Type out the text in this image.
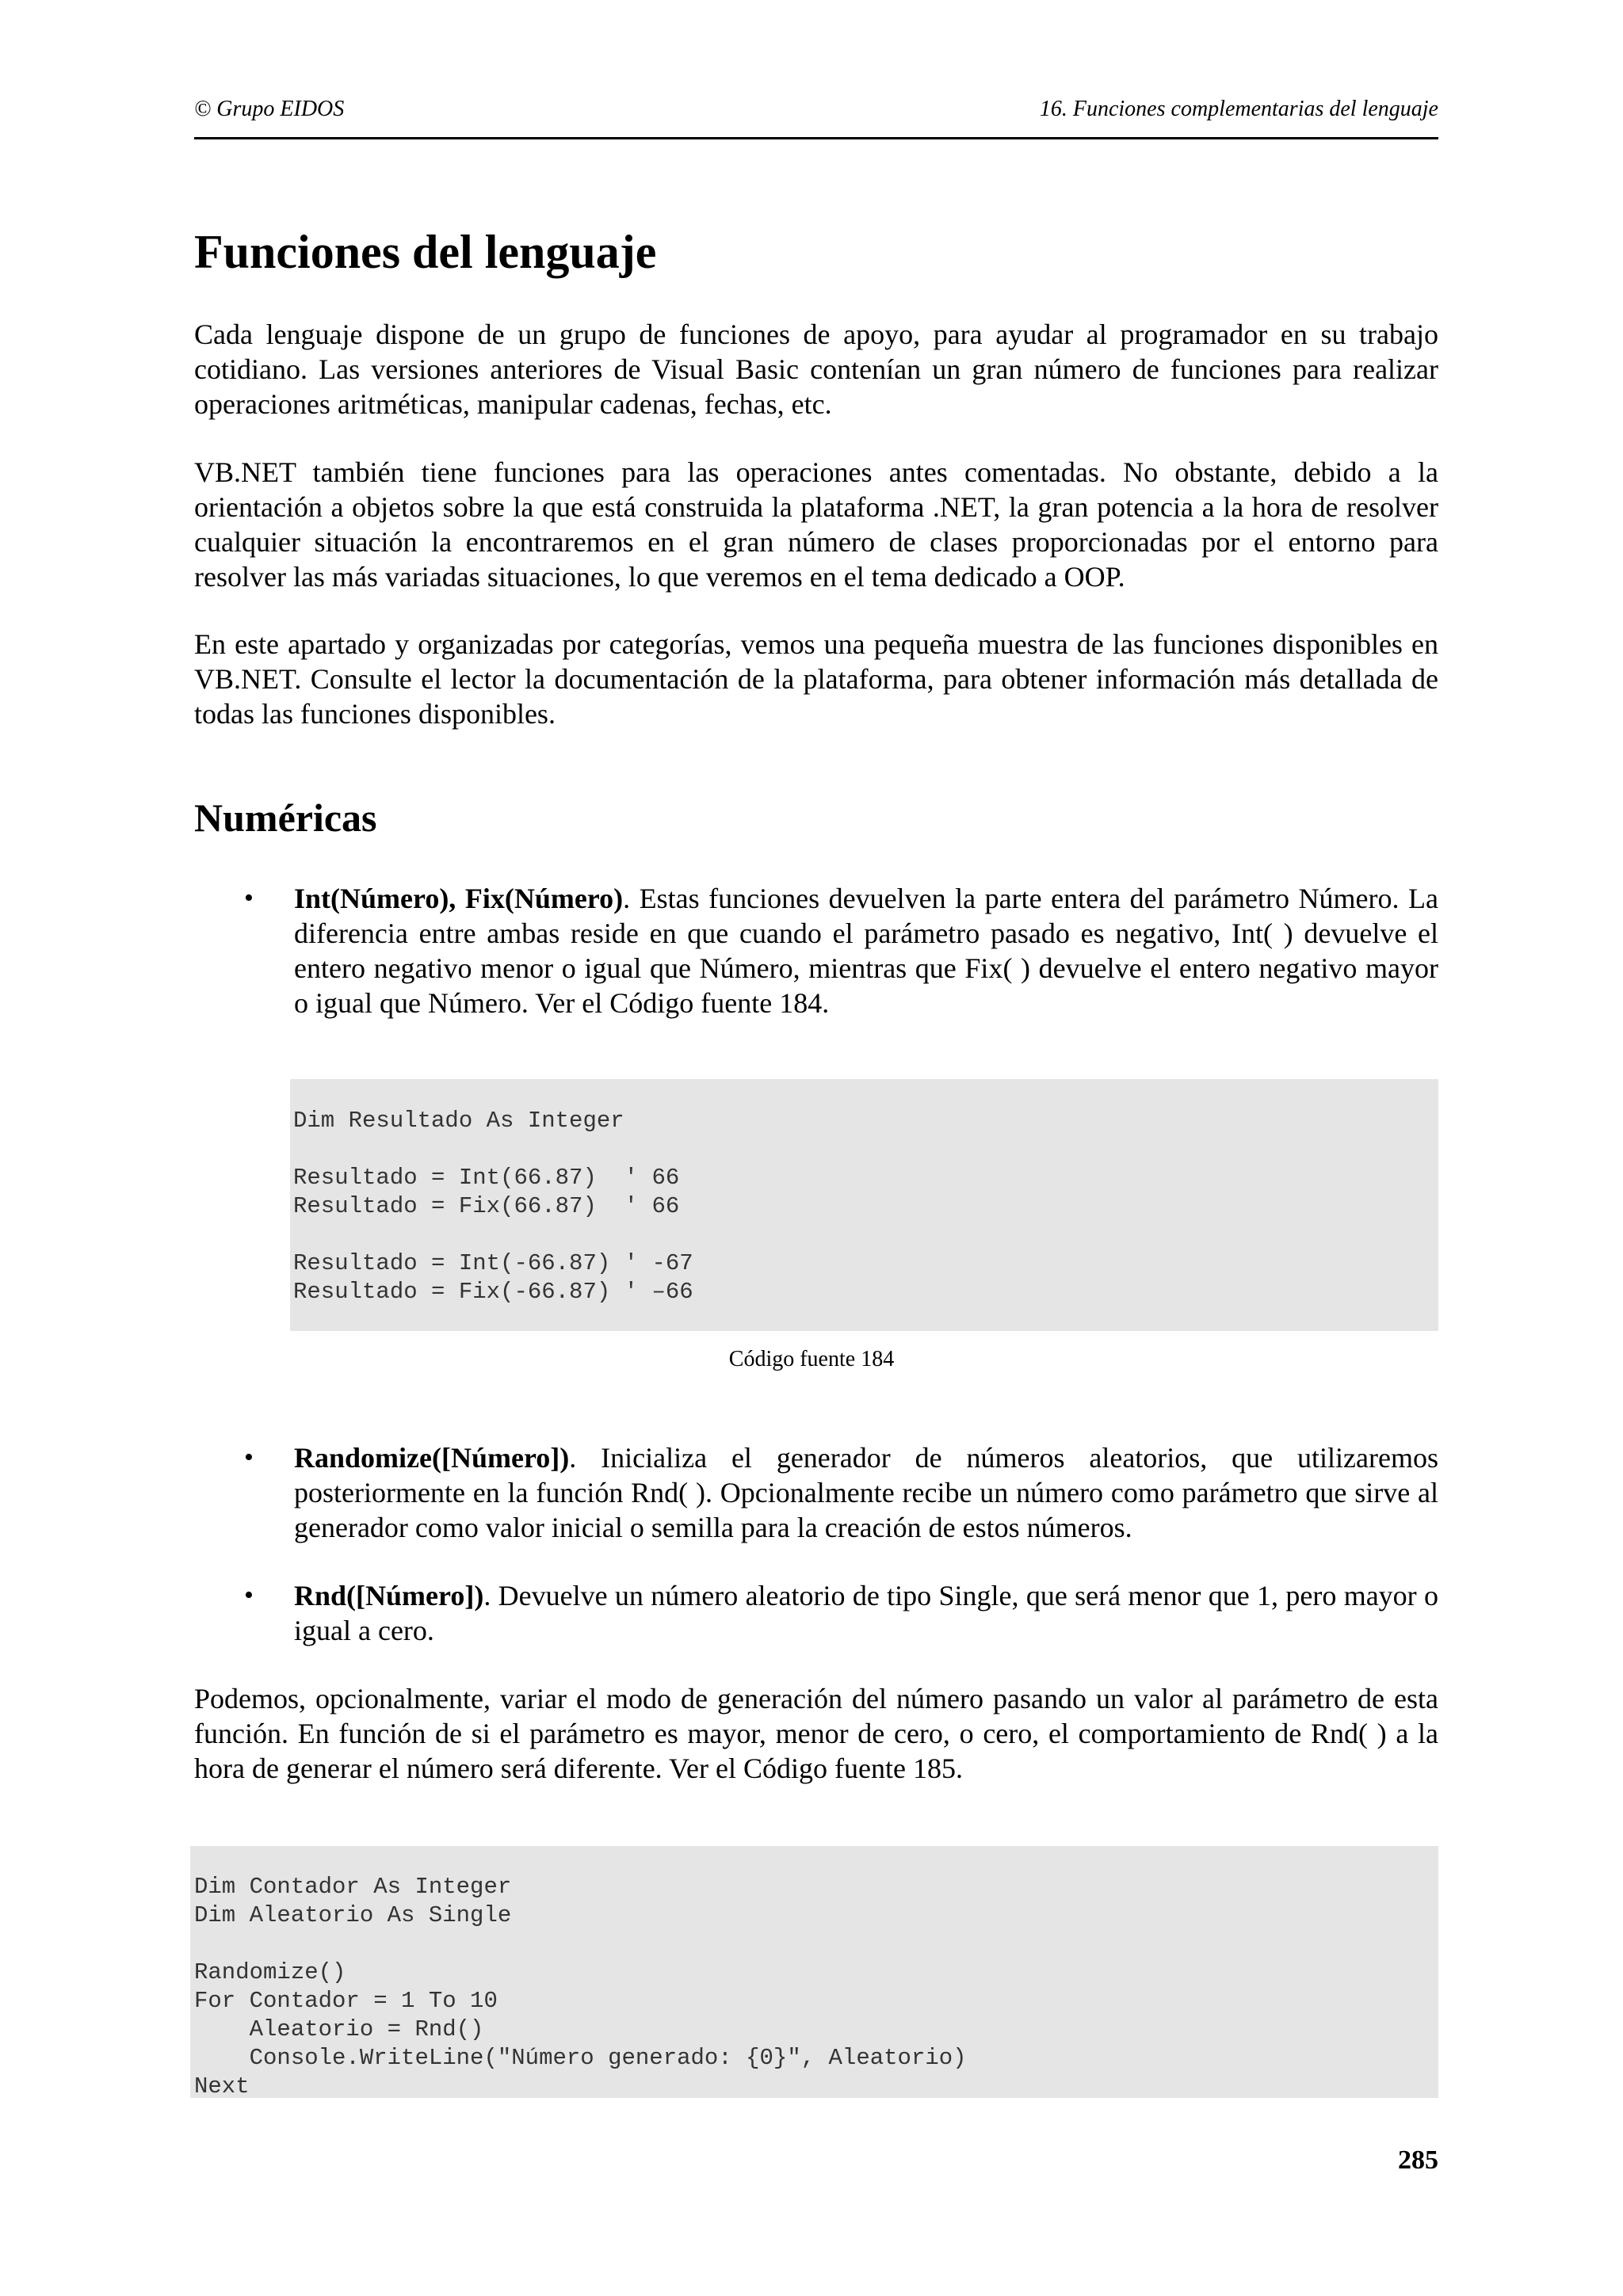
© Grupo EIDOS	16. Funciones complementarias del lenguaje
Funciones del lenguaje

Cada lenguaje dispone de un grupo de funciones de apoyo, para ayudar al programador en su trabajo cotidiano. Las versiones anteriores de Visual Basic contenían un gran número de funciones para realizar operaciones aritméticas, manipular cadenas, fechas, etc.

VB.NET también tiene funciones para las operaciones antes comentadas. No obstante, debido a la orientación a objetos sobre la que está construida la plataforma .NET, la gran potencia a la hora de resolver cualquier situación la encontraremos en el gran número de clases proporcionadas por el entorno para resolver las más variadas situaciones, lo que veremos en el tema dedicado a OOP.

En este apartado y organizadas por categorías, vemos una pequeña muestra de las funciones disponibles en VB.NET. Consulte el lector la documentación de la plataforma, para obtener información más detallada de todas las funciones disponibles.

Numéricas
• Int(Número), Fix(Número). Estas funciones devuelven la parte entera del parámetro Número. La diferencia entre ambas reside en que cuando el parámetro pasado es negativo, Int( ) devuelve el entero negativo menor o igual que Número, mientras que Fix( ) devuelve el entero negativo mayor o igual que Número. Ver el Código fuente 184.
Dim Resultado As Integer

Resultado = Int(66.87)  ' 66
Resultado = Fix(66.87)  ' 66

Resultado = Int(-66.87) ' -67
Resultado = Fix(-66.87) ' –66
Código fuente 184
• Randomize([Número]). Inicializa el generador de números aleatorios, que utilizaremos posteriormente en la función Rnd( ). Opcionalmente recibe un número como parámetro que sirve al generador como valor inicial o semilla para la creación de estos números.
• Rnd([Número]). Devuelve un número aleatorio de tipo Single, que será menor que 1, pero mayor o igual a cero.

Podemos, opcionalmente, variar el modo de generación del número pasando un valor al parámetro de esta función. En función de si el parámetro es mayor, menor de cero, o cero, el comportamiento de Rnd( ) a la hora de generar el número será diferente. Ver el Código fuente 185.

Dim Contador As Integer
Dim Aleatorio As Single

Randomize()
For Contador = 1 To 10
Aleatorio = Rnd()
Console.WriteLine("Número generado: {0}", Aleatorio)
Next
285
